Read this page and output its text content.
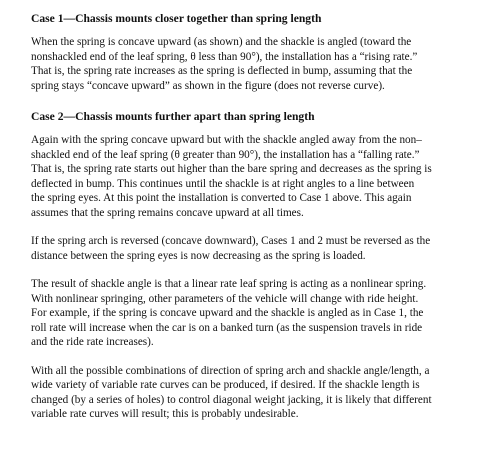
Case 1—Chassis mounts closer together than spring length

When the spring is concave upward (as shown) and the shackle is angled (toward the
nonshackled end of the leaf spring, θ less than 90°), the installation has a “rising rate.”
That is, the spring rate increases as the spring is deflected in bump, assuming that the
spring stays “concave upward” as shown in the figure (does not reverse curve).

Case 2—Chassis mounts further apart than spring length

Again with the spring concave upward but with the shackle angled away from the non–
shackled end of the leaf spring (θ greater than 90°), the installation has a “falling rate.”
That is, the spring rate starts out higher than the bare spring and decreases as the spring is
deflected in bump. This continues until the shackle is at right angles to a line between
the spring eyes. At this point the installation is converted to Case 1 above. This again
assumes that the spring remains concave upward at all times.

If the spring arch is reversed (concave downward), Cases 1 and 2 must be reversed as the
distance between the spring eyes is now decreasing as the spring is loaded.

The result of shackle angle is that a linear rate leaf spring is acting as a nonlinear spring.
With nonlinear springing, other parameters of the vehicle will change with ride height.
For example, if the spring is concave upward and the shackle is angled as in Case 1, the
roll rate will increase when the car is on a banked turn (as the suspension travels in ride
and the ride rate increases).

With all the possible combinations of direction of spring arch and shackle angle/length, a
wide variety of variable rate curves can be produced, if desired. If the shackle length is
changed (by a series of holes) to control diagonal weight jacking, it is likely that different
variable rate curves will result; this is probably undesirable.
